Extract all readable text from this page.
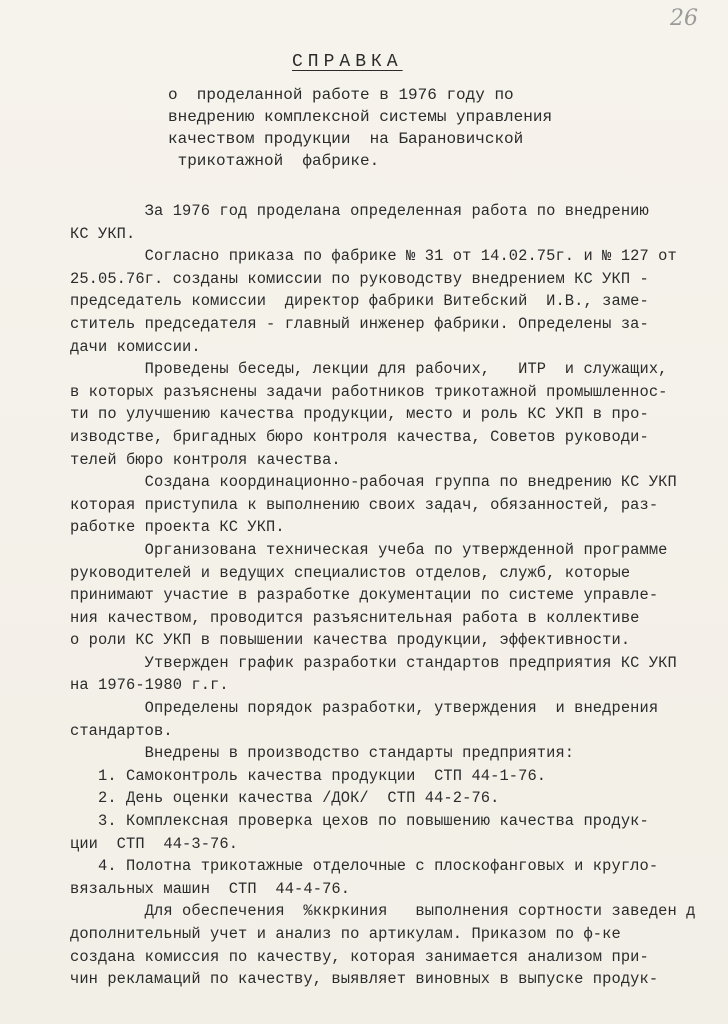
26
СПРАВКА
о  проделанной работе в 1976 году по
внедрению комплексной системы управления
качеством продукции  на Барановичской
трикотажной  фабрике.
За 1976 год проделана определенная работа по внедрению
КС УКП.
Согласно приказа по фабрике № 31 от 14.02.75г. и № 127 от
25.05.76г. созданы комиссии по руководству внедрением КС УКП -
председатель комиссии  директор фабрики Витебский  И.В., заме-
ститель председателя - главный инженер фабрики. Определены за-
дачи комиссии.
Проведены беседы, лекции для рабочих,   ИТР  и служащих,
в которых разъяснены задачи работников трикотажной промышленнос-
ти по улучшению качества продукции, место и роль КС УКП в про-
изводстве, бригадных бюро контроля качества, Советов руководи-
телей бюро контроля качества.
Создана координационно-рабочая группа по внедрению КС УКП
которая приступила к выполнению своих задач, обязанностей, раз-
работке проекта КС УКП.
Организована техническая учеба по утвержденной программе
руководителей и ведущих специалистов отделов, служб, которые
принимают участие в разработке документации по системе управле-
ния качеством, проводится разъяснительная работа в коллективе
о роли КС УКП в повышении качества продукции, эффективности.
Утвержден график разработки стандартов предприятия КС УКП
на 1976-1980 г.г.
Определены порядок разработки, утверждения  и внедрения
стандартов.
Внедрены в производство стандарты предприятия:
1. Самоконтроль качества продукции  СТП 44-1-76.
2. День оценки качества /ДОК/  СТП 44-2-76.
3. Комплексная проверка цехов по повышению качества продук-
ции  СТП  44-3-76.
4. Полотна трикотажные отделочные с плоскофанговых и кругло-
вязальных машин  СТП  44-4-76.
Для обеспечения  %ккркиния   выполнения сортности заведен д
дополнительный учет и анализ по артикулам. Приказом по ф-ке
создана комиссия по качеству, которая занимается анализом при-
чин рекламаций по качеству, выявляет виновных в выпуске продук-
